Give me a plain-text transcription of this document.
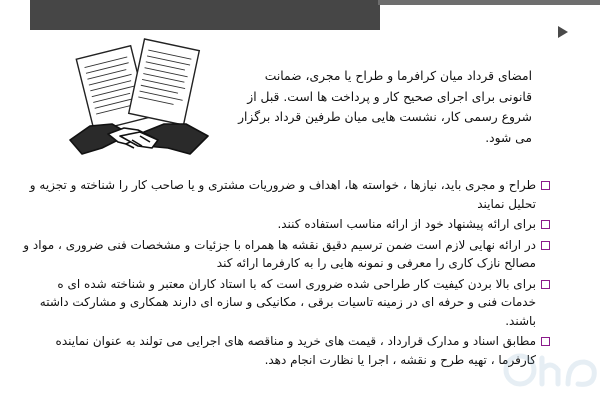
امضای قرداد میان کرافرما و طراح یا مجری، ضمانت قانونی برای اجرای صحیح کار و پرداخت ها است. قبل از شروع رسمی کار، نشست هایی میان طرفین قرداد برگزار می شود.

طراح و مجری باید، نیازها ، خواسته ها، اهداف و ضروریات مشتری و یا صاحب کار را شناخته و تجزیه و تحلیل نمایند
برای ارائه پیشنهاد خود از ارائه مناسب استفاده کنند.
در ارائه نهایی لازم است ضمن ترسیم دقیق نقشه ها همراه با جزئیات و مشخصات فنی ضروری ، مواد و مصالح نازک کاری را معرفی و نمونه هایی را به کارفرما ارائه کند
برای بالا بردن کیفیت کار طراحی شده ضروری است که با استاد کاران معتبر و شناخته شده ای ه خدمات فنی و حرفه ای در زمینه تاسیات برقی ، مکانیکی و سازه ای دارند همکاری و مشارکت داشته باشند.
مطابق اسناد و مدارک قرارداد ، قیمت های خرید و مناقصه های اجرایی می تولند به عنوان نماینده کارفرما ، تهیه طرح و نقشه ، اجرا یا نظارت انجام دهد.
